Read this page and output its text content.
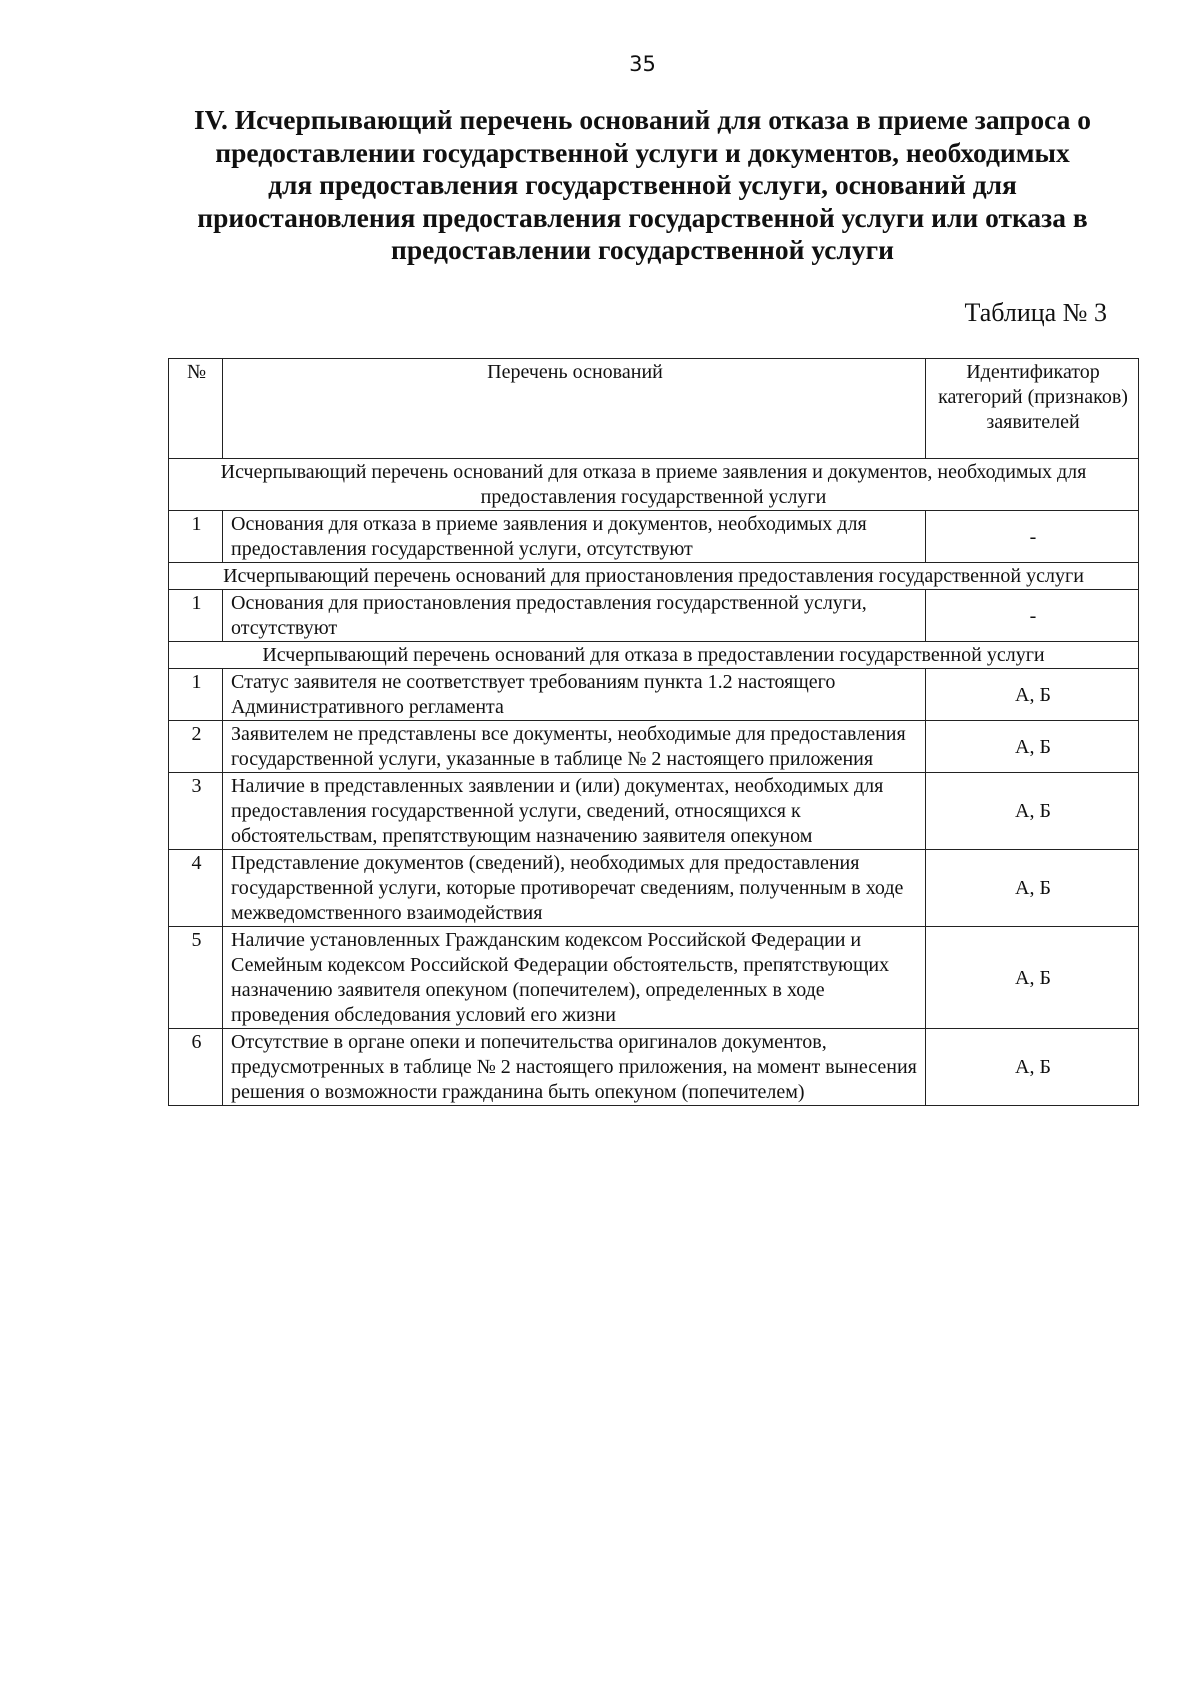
35
IV. Исчерпывающий перечень оснований для отказа в приеме запроса о
предоставлении государственной услуги и документов, необходимых
для предоставления государственной услуги, оснований для
приостановления предоставления государственной услуги или отказа в
предоставлении государственной услуги
Таблица № 3
№	Перечень оснований	Идентификатор категорий (признаков) заявителей
Исчерпывающий перечень оснований для отказа в приеме заявления и документов, необходимых для предоставления государственной услуги		
1	Основания для отказа в приеме заявления и документов, необходимых для предоставления государственной услуги, отсутствуют	-
Исчерпывающий перечень оснований для приостановления предоставления государственной услуги		
1	Основания для приостановления предоставления государственной услуги, отсутствуют	-
Исчерпывающий перечень оснований для отказа в предоставлении государственной услуги		
1	Статус заявителя не соответствует требованиям пункта 1.2 настоящего Административного регламента	А, Б
2	Заявителем не представлены все документы, необходимые для предоставления государственной услуги, указанные в таблице № 2 настоящего приложения	А, Б
3	Наличие в представленных заявлении и (или) документах, необходимых для предоставления государственной услуги, сведений, относящихся к обстоятельствам, препятствующим назначению заявителя опекуном	А, Б
4	Представление документов (сведений), необходимых для предоставления государственной услуги, которые противоречат сведениям, полученным в ходе межведомственного взаимодействия	А, Б
5	Наличие установленных Гражданским кодексом Российской Федерации и Семейным кодексом Российской Федерации обстоятельств, препятствующих назначению заявителя опекуном (попечителем), определенных в ходе проведения обследования условий его жизни	А, Б
6	Отсутствие в органе опеки и попечительства оригиналов документов, предусмотренных в таблице № 2 настоящего приложения, на момент вынесения решения о возможности гражданина быть опекуном (попечителем)	А, Б
